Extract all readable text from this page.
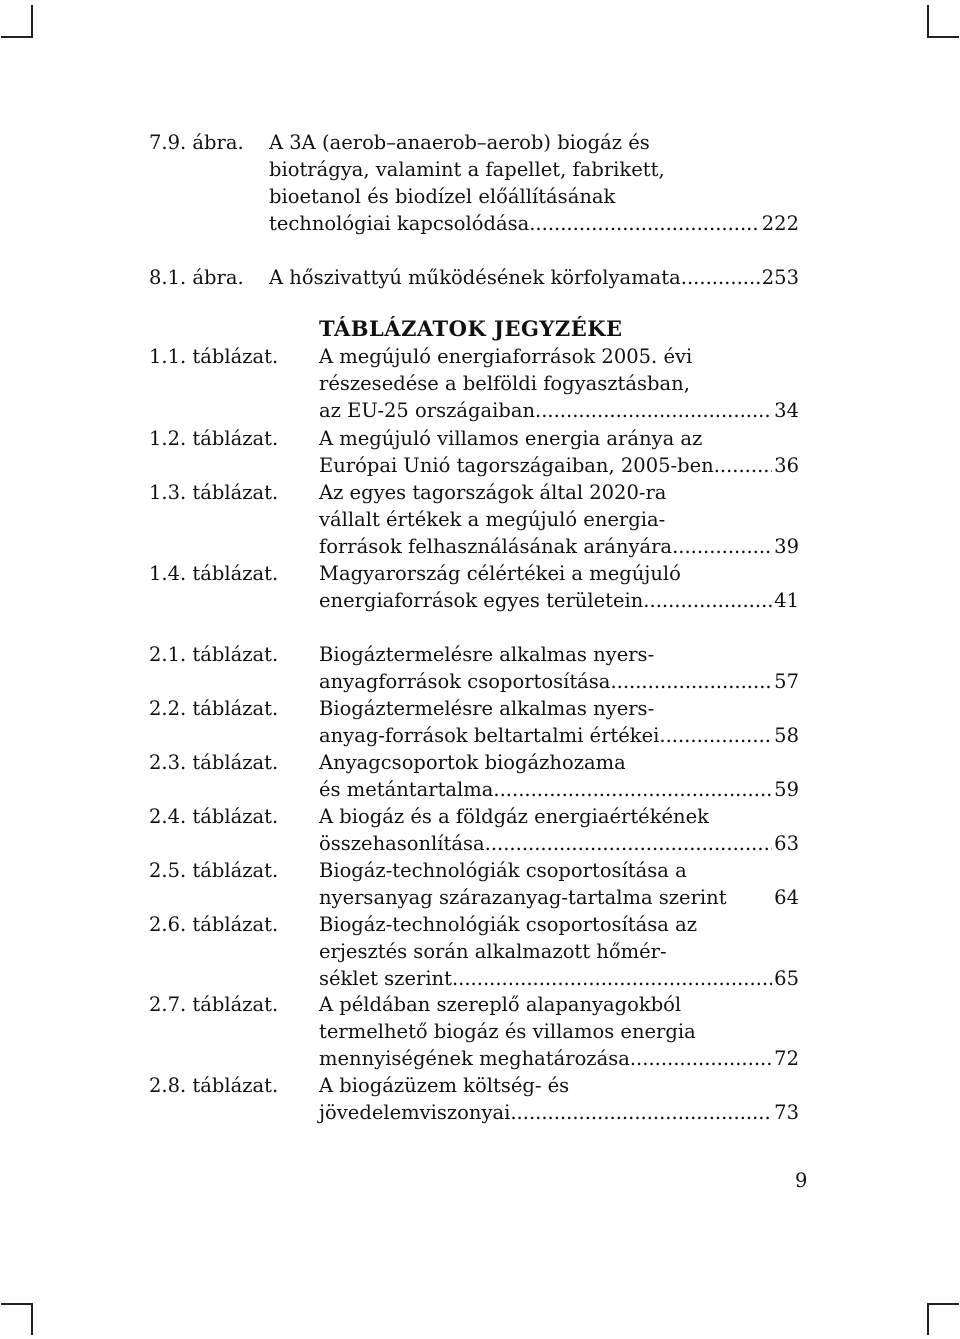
7.9. ábra. A 3A (aerob–anaerob–aerob) biogáz és
biotrágya, valamint a fapellet, fabrikett,
bioetanol és biodízel előállításának
technológiai kapcsolódása .....	222
8.1. ábra. A hőszivattyú működésének körfolyamata .....	253
TÁBLÁZATOK JEGYZÉKE
1.1. táblázat. A megújuló energiaforrások 2005. évi
részesedése a belföldi fogyasztásban,
az EU-25 országaiban .....	34
1.2. táblázat. A megújuló villamos energia aránya az
Európai Unió tagországaiban, 2005-ben .....	36
1.3. táblázat. Az egyes tagországok által 2020-ra
vállalt értékek a megújuló energia-
források felhasználásának arányára .....	39
1.4. táblázat. Magyarország célértékei a megújuló
energiaforrások egyes területein .....	41
2.1. táblázat. Biogáztermelésre alkalmas nyers-
anyagforrások csoportosítása .....	57
2.2. táblázat. Biogáztermelésre alkalmas nyers-
anyag-források beltartalmi értékei .....	58
2.3. táblázat. Anyagcsoportok biogázhozama
és metántartalma .....	59
2.4. táblázat. A biogáz és a földgáz energiaértékének
összehasonlítása .....	63
2.5. táblázat. Biogáz-technológiák csoportosítása a
nyersanyag szárazanyag-tartalma szerint 64
2.6. táblázat. Biogáz-technológiák csoportosítása az
erjesztés során alkalmazott hőmér-
séklet szerint .....	65
2.7. táblázat. A példában szereplő alapanyagokból
termelhető biogáz és villamos energia
mennyiségének meghatározása .....	72
2.8. táblázat. A biogázüzem költség- és
jövedelemviszonyai .....	73
9
